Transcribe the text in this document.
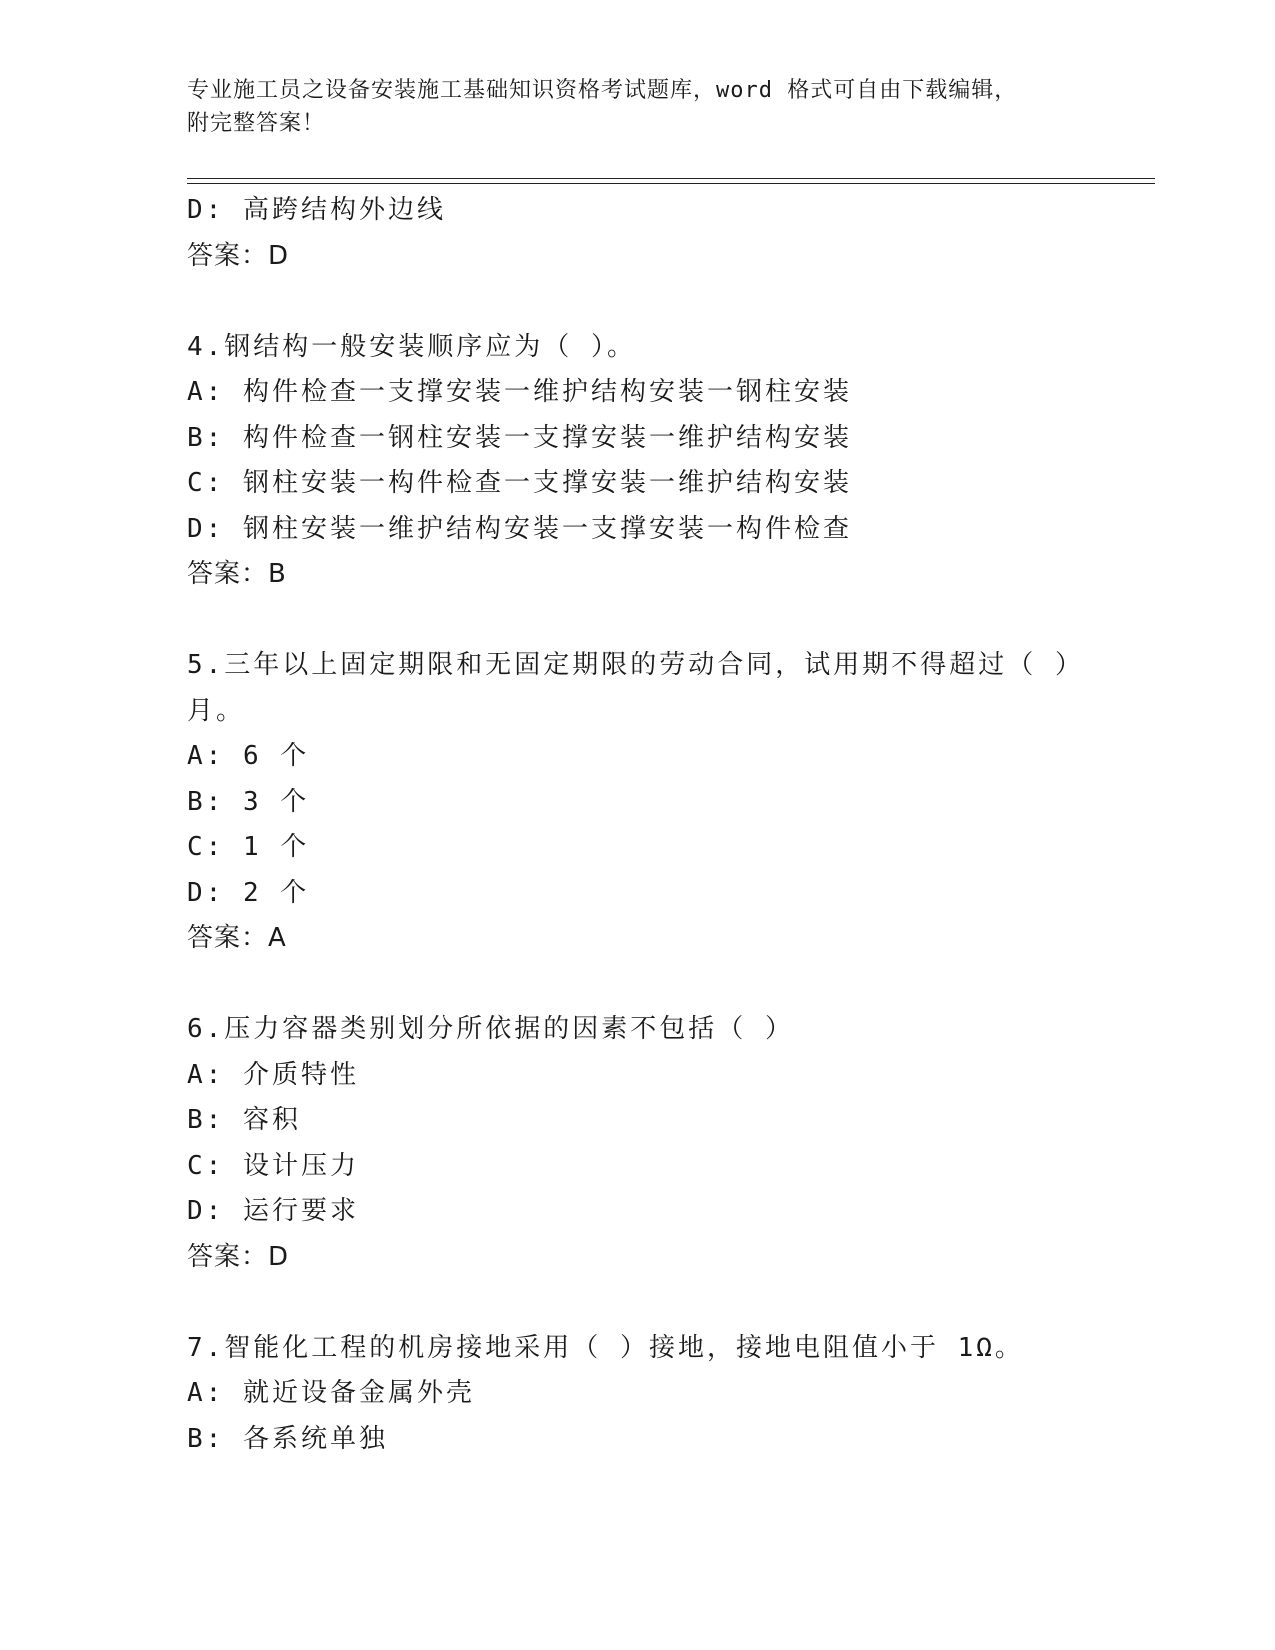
专业施工员之设备安装施工基础知识资格考试题库，word 格式可自由下载编辑，
附完整答案！
D: 高跨结构外边线
答案：D
4.钢结构一般安装顺序应为（ ）。
A: 构件检查一支撑安装一维护结构安装一钢柱安装
B: 构件检查一钢柱安装一支撑安装一维护结构安装
C: 钢柱安装一构件检查一支撑安装一维护结构安装
D: 钢柱安装一维护结构安装一支撑安装一构件检查
答案：B
5.三年以上固定期限和无固定期限的劳动合同，试用期不得超过（ ）
月。
A: 6 个
B: 3 个
C: 1 个
D: 2 个
答案：A
6.压力容器类别划分所依据的因素不包括（ ）
A: 介质特性
B: 容积
C: 设计压力
D: 运行要求
答案：D
7.智能化工程的机房接地采用（ ）接地，接地电阻值小于 1Ω。
A: 就近设备金属外壳
B: 各系统单独
